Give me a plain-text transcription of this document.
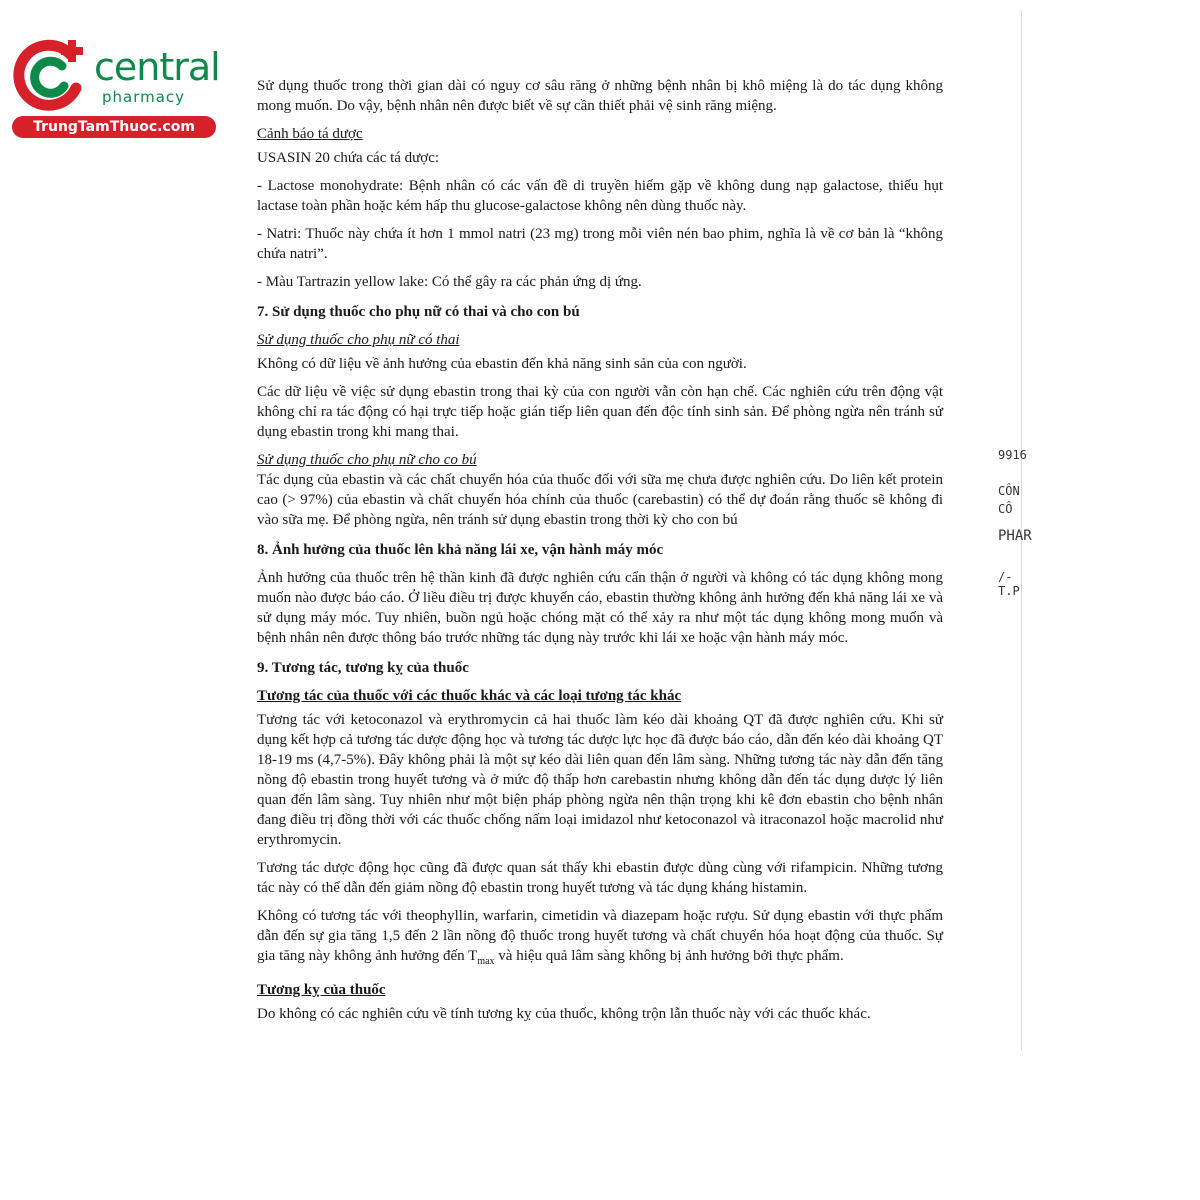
central
pharmacy
TrungTamThuoc.com
9916
CÔN
CÔ
PHAR
/-T.P

Sử dụng thuốc trong thời gian dài có nguy cơ sâu răng ở những bệnh nhân bị khô miệng là do tác dụng không mong muốn. Do vậy, bệnh nhân nên được biết về sự cần thiết phải vệ sinh răng miệng.

Cảnh báo tá dược

USASIN 20 chứa các tá dược:

- Lactose monohydrate: Bệnh nhân có các vấn đề di truyền hiếm gặp về không dung nạp galactose, thiếu hụt lactase toàn phần hoặc kém hấp thu glucose-galactose không nên dùng thuốc này.

- Natri: Thuốc này chứa ít hơn 1 mmol natri (23 mg) trong mỗi viên nén bao phim, nghĩa là về cơ bản là “không chứa natri”.

- Màu Tartrazin yellow lake: Có thể gây ra các phản ứng dị ứng.

7. Sử dụng thuốc cho phụ nữ có thai và cho con bú

Sử dụng thuốc cho phụ nữ có thai

Không có dữ liệu về ảnh hưởng của ebastin đến khả năng sinh sản của con người.

Các dữ liệu về việc sử dụng ebastin trong thai kỳ của con người vẫn còn hạn chế. Các nghiên cứu trên động vật không chỉ ra tác động có hại trực tiếp hoặc gián tiếp liên quan đến độc tính sinh sản. Để phòng ngừa nên tránh sử dụng ebastin trong khi mang thai.

Sử dụng thuốc cho phụ nữ cho co bú

Tác dụng của ebastin và các chất chuyển hóa của thuốc đối với sữa mẹ chưa được nghiên cứu. Do liên kết protein cao (> 97%) của ebastin và chất chuyển hóa chính của thuốc (carebastin) có thể dự đoán rằng thuốc sẽ không đi vào sữa mẹ. Để phòng ngừa, nên tránh sử dụng ebastin trong thời kỳ cho con bú

8. Ảnh hưởng của thuốc lên khả năng lái xe, vận hành máy móc

Ảnh hưởng của thuốc trên hệ thần kinh đã được nghiên cứu cẩn thận ở người và không có tác dụng không mong muốn nào được báo cáo. Ở liều điều trị được khuyến cáo, ebastin thường không ảnh hưởng đến khả năng lái xe và sử dụng máy móc. Tuy nhiên, buồn ngủ hoặc chóng mặt có thể xảy ra như một tác dụng không mong muốn và bệnh nhân nên được thông báo trước những tác dụng này trước khi lái xe hoặc vận hành máy móc.

9. Tương tác, tương kỵ của thuốc

Tương tác của thuốc với các thuốc khác và các loại tương tác khác

Tương tác với ketoconazol và erythromycin cả hai thuốc làm kéo dài khoảng QT đã được nghiên cứu. Khi sử dụng kết hợp cả tương tác dược động học và tương tác dược lực học đã được báo cáo, dẫn đến kéo dài khoảng QT 18-19 ms (4,7-5%). Đây không phải là một sự kéo dài liên quan đến lâm sàng. Những tương tác này dẫn đến tăng nồng độ ebastin trong huyết tương và ở mức độ thấp hơn carebastin nhưng không dẫn đến tác dụng dược lý liên quan đến lâm sàng. Tuy nhiên như một biện pháp phòng ngừa nên thận trọng khi kê đơn ebastin cho bệnh nhân đang điều trị đồng thời với các thuốc chống nấm loại imidazol như ketoconazol và itraconazol hoặc macrolid như erythromycin.

Tương tác dược động học cũng đã được quan sát thấy khi ebastin được dùng cùng với rifampicin. Những tương tác này có thể dẫn đến giảm nồng độ ebastin trong huyết tương và tác dụng kháng histamin.

Không có tương tác với theophyllin, warfarin, cimetidin và diazepam hoặc rượu. Sử dụng ebastin với thực phẩm dẫn đến sự gia tăng 1,5 đến 2 lần nồng độ thuốc trong huyết tương và chất chuyển hóa hoạt động của thuốc. Sự gia tăng này không ảnh hưởng đến $T_{max}$ và hiệu quả lâm sàng không bị ảnh hưởng bởi thực phẩm.

Tương kỵ của thuốc

Do không có các nghiên cứu về tính tương kỵ của thuốc, không trộn lẫn thuốc này với các thuốc khác.
